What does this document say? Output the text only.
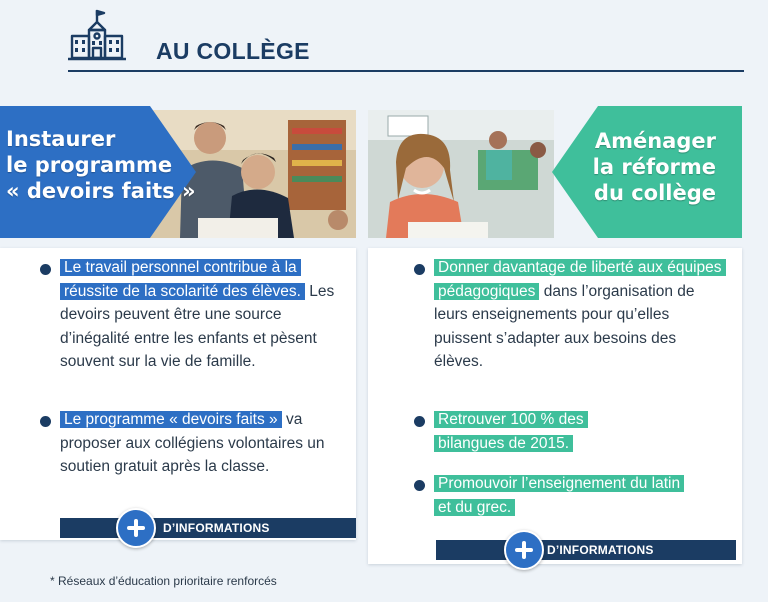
AU COLLÈGE
Instaurer
le programme
« devoirs faits »
Le travail personnel contribue à la réussite de la scolarité des élèves. Les devoirs peuvent être une source d’inégalité entre les enfants et pèsent souvent sur la vie de famille.
Le programme « devoirs faits » va proposer aux collégiens volontaires un soutien gratuit après la classe.
D’INFORMATIONS
Aménager
la réforme
du collège
Donner davantage de liberté aux équipes pédagogiques dans l’organisation de leurs enseignements pour qu’elles puissent s’adapter aux besoins des élèves.
Retrouver 100 % des bilangues de 2015.
Promouvoir l’enseignement du latin et du grec.
D’INFORMATIONS
* Réseaux d’éducation prioritaire renforcés
